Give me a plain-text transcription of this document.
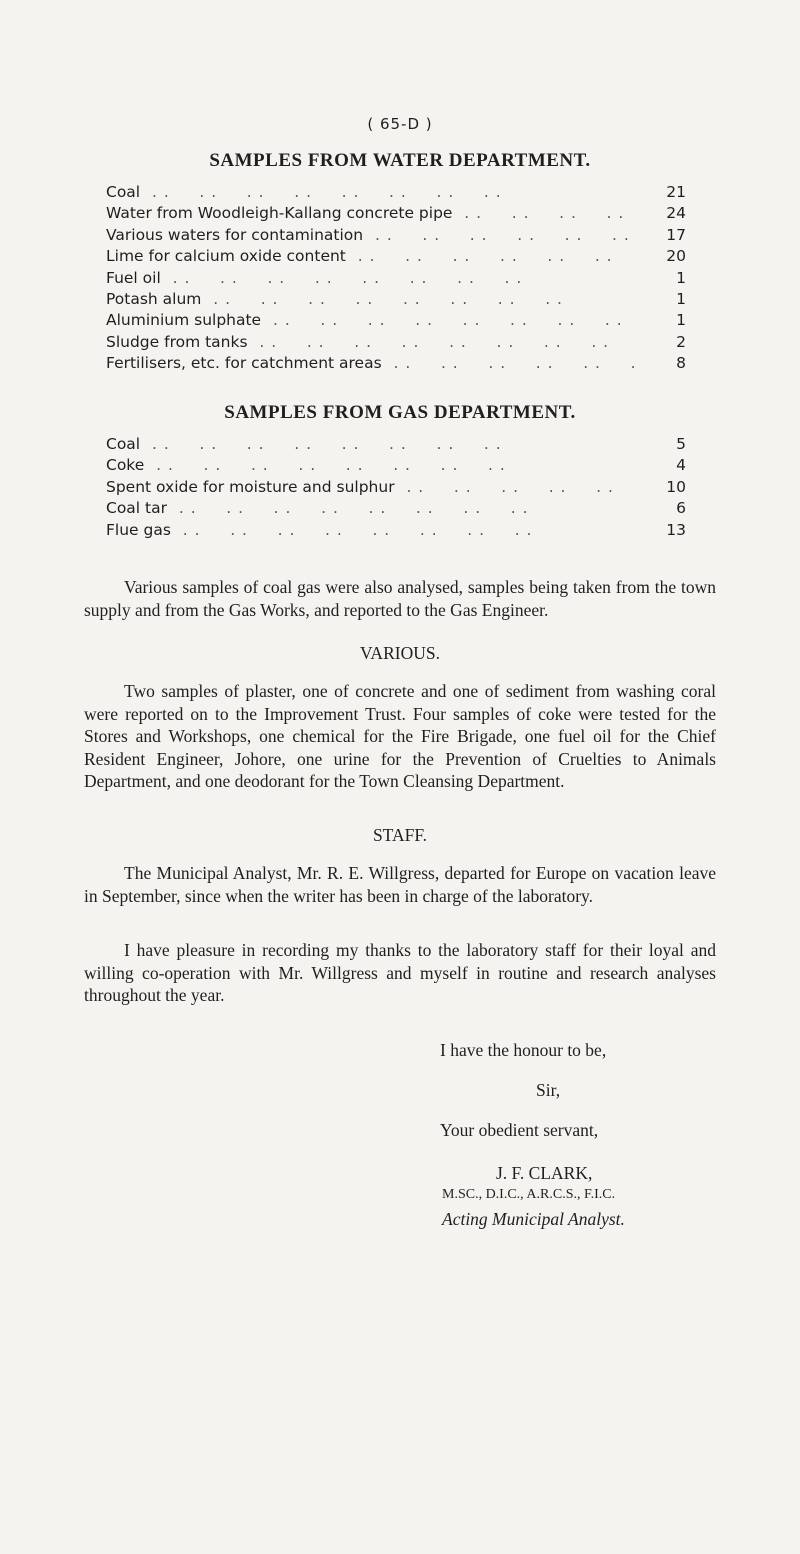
( 65-D )
SAMPLES FROM WATER DEPARTMENT.
Coal . .	21
Water from Woodleigh-Kallang concrete pipe . .	24
Various waters for contamination . .	17
Lime for calcium oxide content . .	20
Fuel oil . .	1
Potash alum . .	1
Aluminium sulphate . .	1
Sludge from tanks . .	2
Fertilisers, etc. for catchment areas . .	8
SAMPLES FROM GAS DEPARTMENT.
Coal . .	5
Coke . .	4
Spent oxide for moisture and sulphur . .	10
Coal tar . .	6
Flue gas . .	13
Various samples of coal gas were also analysed, samples being taken from the town supply and from the Gas Works, and reported to the Gas Engineer.
VARIOUS.
Two samples of plaster, one of concrete and one of sediment from washing coral were reported on to the Improvement Trust. Four samples of coke were tested for the Stores and Workshops, one chemical for the Fire Brigade, one fuel oil for the Chief Resident Engineer, Johore, one urine for the Prevention of Cruelties to Animals Department, and one deodorant for the Town Cleansing Department.
STAFF.
The Municipal Analyst, Mr. R. E. Willgress, departed for Europe on vacation leave in September, since when the writer has been in charge of the laboratory.
I have pleasure in recording my thanks to the laboratory staff for their loyal and willing co-operation with Mr. Willgress and myself in routine and research analyses throughout the year.
I have the honour to be,
Sir,
Your obedient servant,
J. F. CLARK,
M.SC., D.I.C., A.R.C.S., F.I.C.
Acting Municipal Analyst.
